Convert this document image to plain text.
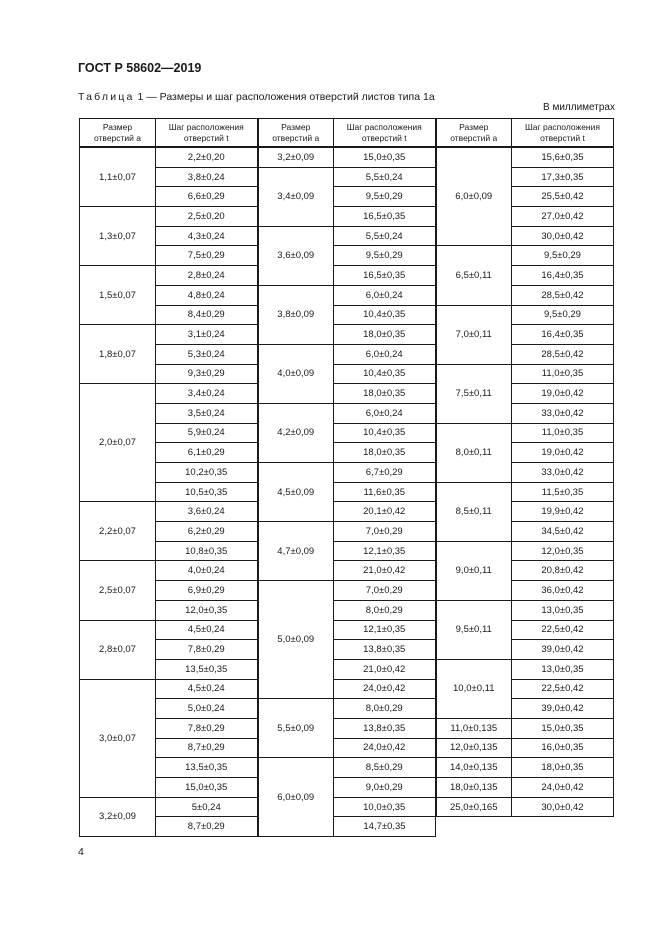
ГОСТ Р 58602—2019
Таблица 1 — Размеры и шаг расположения отверстий листов типа 1а
В миллиметрах
Размер отверстий а	Шаг расположения отверстий t	Размер отверстий а	Шаг расположения отверстий t	Размер отверстий а	Шаг расположения отверстий t
1,1±0,07	2,2±0,20	3,2±0,09	15,0±0,35	6,0±0,09	15,6±0,35
	3,8±0,24	3,4±0,09	5,5±0,24		17,3±0,35
	6,6±0,29		9,5±0,29		25,5±0,42
1,3±0,07	2,5±0,20		16,5±0,35		27,0±0,42
	4,3±0,24	3,6±0,09	5,5±0,24		30,0±0,42
	7,5±0,29		9,5±0,29	6,5±0,11	9,5±0,29
1,5±0,07	2,8±0,24		16,5±0,35		16,4±0,35
	4,8±0,24	3,8±0,09	6,0±0,24		28,5±0,42
	8,4±0,29		10,4±0,35	7,0±0,11	9,5±0,29
1,8±0,07	3,1±0,24		18,0±0,35		16,4±0,35
	5,3±0,24	4,0±0,09	6,0±0,24		28,5±0,42
	9,3±0,29		10,4±0,35	7,5±0,11	11,0±0,35
2,0±0,07	3,4±0,24		18,0±0,35		19,0±0,42
	3,5±0,24	4,2±0,09	6,0±0,24		33,0±0,42
	5,9±0,24		10,4±0,35	8,0±0,11	11,0±0,35
	6,1±0,29		18,0±0,35		19,0±0,42
	10,2±0,35	4,5±0,09	6,7±0,29		33,0±0,42
	10,5±0,35		11,6±0,35	8,5±0,11	11,5±0,35
2,2±0,07	3,6±0,24		20,1±0,42		19,9±0,42
	6,2±0,29	4,7±0,09	7,0±0,29		34,5±0,42
	10,8±0,35		12,1±0,35	9,0±0,11	12,0±0,35
2,5±0,07	4,0±0,24		21,0±0,42		20,8±0,42
	6,9±0,29	5,0±0,09	7,0±0,29		36,0±0,42
	12,0±0,35		8,0±0,29	9,5±0,11	13,0±0,35
2,8±0,07	4,5±0,24		12,1±0,35		22,5±0,42
	7,8±0,29		13,8±0,35		39,0±0,42
	13,5±0,35		21,0±0,42	10,0±0,11	13,0±0,35
3,0±0,07	4,5±0,24		24,0±0,42		22,5±0,42
	5,0±0,24	5,5±0,09	8,0±0,29		39,0±0,42
	7,8±0,29		13,8±0,35	11,0±0,135	15,0±0,35
	8,7±0,29		24,0±0,42	12,0±0,135	16,0±0,35
	13,5±0,35	6,0±0,09	8,5±0,29	14,0±0,135	18,0±0,35
	15,0±0,35		9,0±0,29	18,0±0,135	24,0±0,42
3,2±0,09	5±0,24		10,0±0,35	25,0±0,165	30,0±0,42
	8,7±0,29		14,7±0,35		
4
